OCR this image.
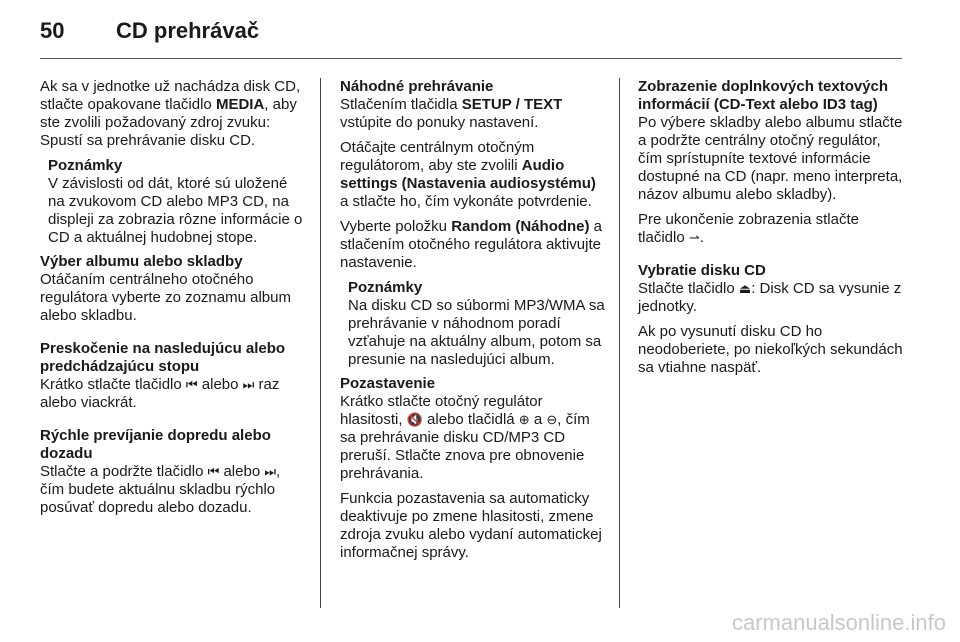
50 CD prehrávač

Ak sa v jednotke už nachádza disk CD, stlačte opakovane tlačidlo MEDIA, aby ste zvolili požadovaný zdroj zvuku: Spustí sa prehrávanie disku CD.

Poznámky

V závislosti od dát, ktoré sú uložené na zvukovom CD alebo MP3 CD, na displeji za zobrazia rôzne informácie o CD a aktuálnej hudobnej stope.

Výber albumu alebo skladby

Otáčaním centrálneho otočného regulátora vyberte zo zoznamu album alebo skladbu.

Preskočenie na nasledujúcu alebo predchádzajúcu stopu

Krátko stlačte tlačidlo ⏮ alebo ⏭ raz alebo viackrát.

Rýchle prevíjanie dopredu alebo dozadu

Stlačte a podržte tlačidlo ⏮ alebo ⏭, čím budete aktuálnu skladbu rýchlo posúvať dopredu alebo dozadu.

Náhodné prehrávanie

Stlačením tlačidla SETUP / TEXT vstúpite do ponuky nastavení.

Otáčajte centrálnym otočným regulátorom, aby ste zvolili Audio settings (Nastavenia audiosystému) a stlačte ho, čím vykonáte potvrdenie.

Vyberte položku Random (Náhodne) a stlačením otočného regulátora aktivujte nastavenie.

Poznámky

Na disku CD so súbormi MP3/WMA sa prehrávanie v náhodnom poradí vzťahuje na aktuálny album, potom sa presunie na nasledujúci album.

Pozastavenie

Krátko stlačte otočný regulátor hlasitosti, 🔇 alebo tlačidlá ⊕ a ⊖, čím sa prehrávanie disku CD/MP3 CD preruší. Stlačte znova pre obnovenie prehrávania.

Funkcia pozastavenia sa automaticky deaktivuje po zmene hlasitosti, zmene zdroja zvuku alebo vydaní automatickej informačnej správy.

Zobrazenie doplnkových textových informácií (CD-Text alebo ID3 tag)

Po výbere skladby alebo albumu stlačte a podržte centrálny otočný regulátor, čím sprístupníte textové informácie dostupné na CD (napr. meno interpreta, názov albumu alebo skladby).

Pre ukončenie zobrazenia stlačte tlačidlo ⇀.

Vybratie disku CD

Stlačte tlačidlo ⏏: Disk CD sa vysunie z jednotky.

Ak po vysunutí disku CD ho neodoberiete, po niekoľkých sekundách sa vtiahne naspäť.

carmanualsonline.info
